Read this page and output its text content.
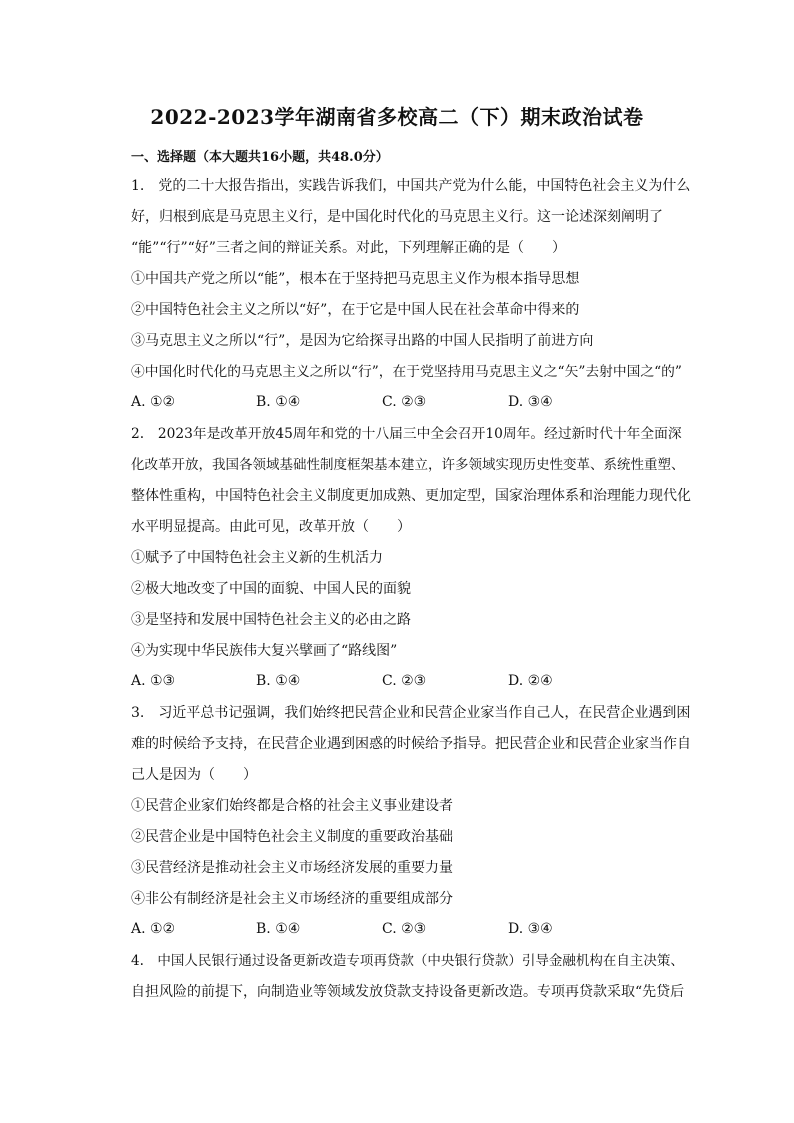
2022-2023学年湖南省多校高二（下）期末政治试卷
一、选择题（本大题共16小题，共48.0分）
1.　党的二十大报告指出，实践告诉我们，中国共产党为什么能，中国特色社会主义为什么
好，归根到底是马克思主义行，是中国化时代化的马克思主义行。这一论述深刻阐明了
“能”“行”“好”三者之间的辩证关系。对此，下列理解正确的是（　　）
①中国共产党之所以“能”，根本在于坚持把马克思主义作为根本指导思想
②中国特色社会主义之所以“好”，在于它是中国人民在社会革命中得来的
③马克思主义之所以“行”，是因为它给探寻出路的中国人民指明了前进方向
④中国化时代化的马克思主义之所以“行”，在于党坚持用马克思主义之“矢”去射中国之“的”
A. ①②	B. ①④	C. ②③	D. ③④
2.　2023年是改革开放45周年和党的十八届三中全会召开10周年。经过新时代十年全面深
化改革开放，我国各领域基础性制度框架基本建立，许多领域实现历史性变革、系统性重塑、
整体性重构，中国特色社会主义制度更加成熟、更加定型，国家治理体系和治理能力现代化
水平明显提高。由此可见，改革开放（　　）
①赋予了中国特色社会主义新的生机活力
②极大地改变了中国的面貌、中国人民的面貌
③是坚持和发展中国特色社会主义的必由之路
④为实现中华民族伟大复兴擘画了“路线图”
A. ①③	B. ①④	C. ②③	D. ②④
3.　习近平总书记强调，我们始终把民营企业和民营企业家当作自己人，在民营企业遇到困
难的时候给予支持，在民营企业遇到困惑的时候给予指导。把民营企业和民营企业家当作自
己人是因为（　　）
①民营企业家们始终都是合格的社会主义事业建设者
②民营企业是中国特色社会主义制度的重要政治基础
③民营经济是推动社会主义市场经济发展的重要力量
④非公有制经济是社会主义市场经济的重要组成部分
A. ①②	B. ①④	C. ②③	D. ③④
4.　中国人民银行通过设备更新改造专项再贷款（中央银行贷款）引导金融机构在自主决策、
自担风险的前提下，向制造业等领域发放贷款支持设备更新改造。专项再贷款采取“先贷后
